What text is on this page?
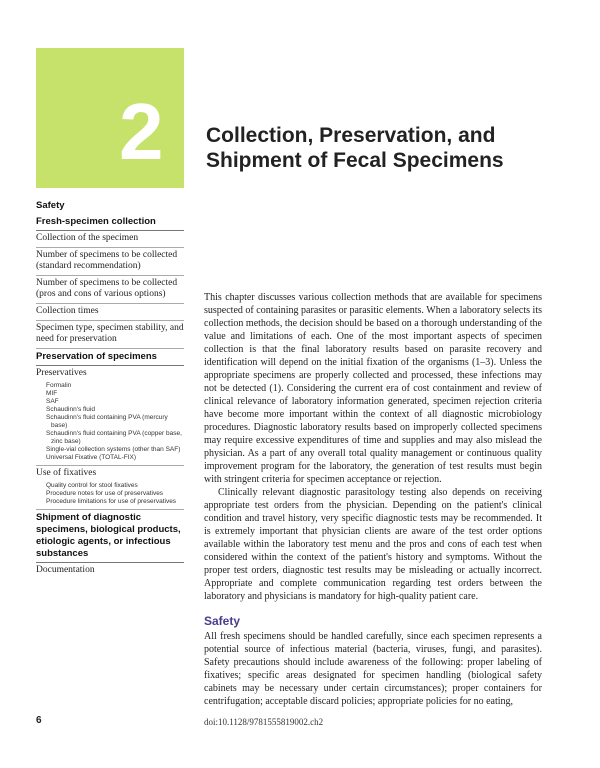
2 Collection, Preservation, and
Shipment of Fecal Specimens
Safety
Fresh-specimen collection
Collection of the specimen
Number of specimens to be collected (standard recommendation)
Number of specimens to be collected (pros and cons of various options)
Collection times
Specimen type, specimen stability, and need for preservation
Preservation of specimens
Preservatives
Formalin
MIF
SAF
Schaudinn's fluid
Schaudinn's fluid containing PVA (mercury base)
Schaudinn's fluid containing PVA (copper base, zinc base)
Single-vial collection systems (other than SAF)
Universal Fixative (TOTAL-FIX)
Use of fixatives
Quality control for stool fixatives
Procedure notes for use of preservatives
Procedure limitations for use of preservatives
Shipment of diagnostic specimens, biological products, etiologic agents, or infectious substances
Documentation

This chapter discusses various collection methods that are available for specimens suspected of containing parasites or parasitic elements. When a laboratory selects its collection methods, the decision should be based on a thorough understanding of the value and limitations of each. One of the most important aspects of specimen collection is that the final laboratory results based on parasite recovery and identification will depend on the initial fixation of the organisms (1–3). Unless the appropriate specimens are properly collected and processed, these infections may not be detected (1). Considering the current era of cost containment and review of clinical relevance of laboratory information generated, specimen rejection criteria have become more important within the context of all diagnostic microbiology procedures. Diagnostic laboratory results based on improperly collected specimens may require excessive expenditures of time and supplies and may also mislead the physician. As a part of any overall total quality management or continuous quality improvement program for the laboratory, the generation of test results must begin with stringent criteria for specimen acceptance or rejection.

Clinically relevant diagnostic parasitology testing also depends on receiving appropriate test orders from the physician. Depending on the patient's clinical condition and travel history, very specific diagnostic tests may be recommended. It is extremely important that physician clients are aware of the test order options available within the laboratory test menu and the pros and cons of each test when considered within the context of the patient's history and symptoms. Without the proper test orders, diagnostic test results may be misleading or actually incorrect. Appropriate and complete communication regarding test orders between the laboratory and physicians is mandatory for high-quality patient care.

Safety

All fresh specimens should be handled carefully, since each specimen represents a potential source of infectious material (bacteria, viruses, fungi, and parasites). Safety precautions should include awareness of the following: proper labeling of fixatives; specific areas designated for specimen handling (biological safety cabinets may be necessary under certain circumstances); proper containers for centrifugation; acceptable discard policies; appropriate policies for no eating,

6	doi:10.1128/9781555819002.ch2
